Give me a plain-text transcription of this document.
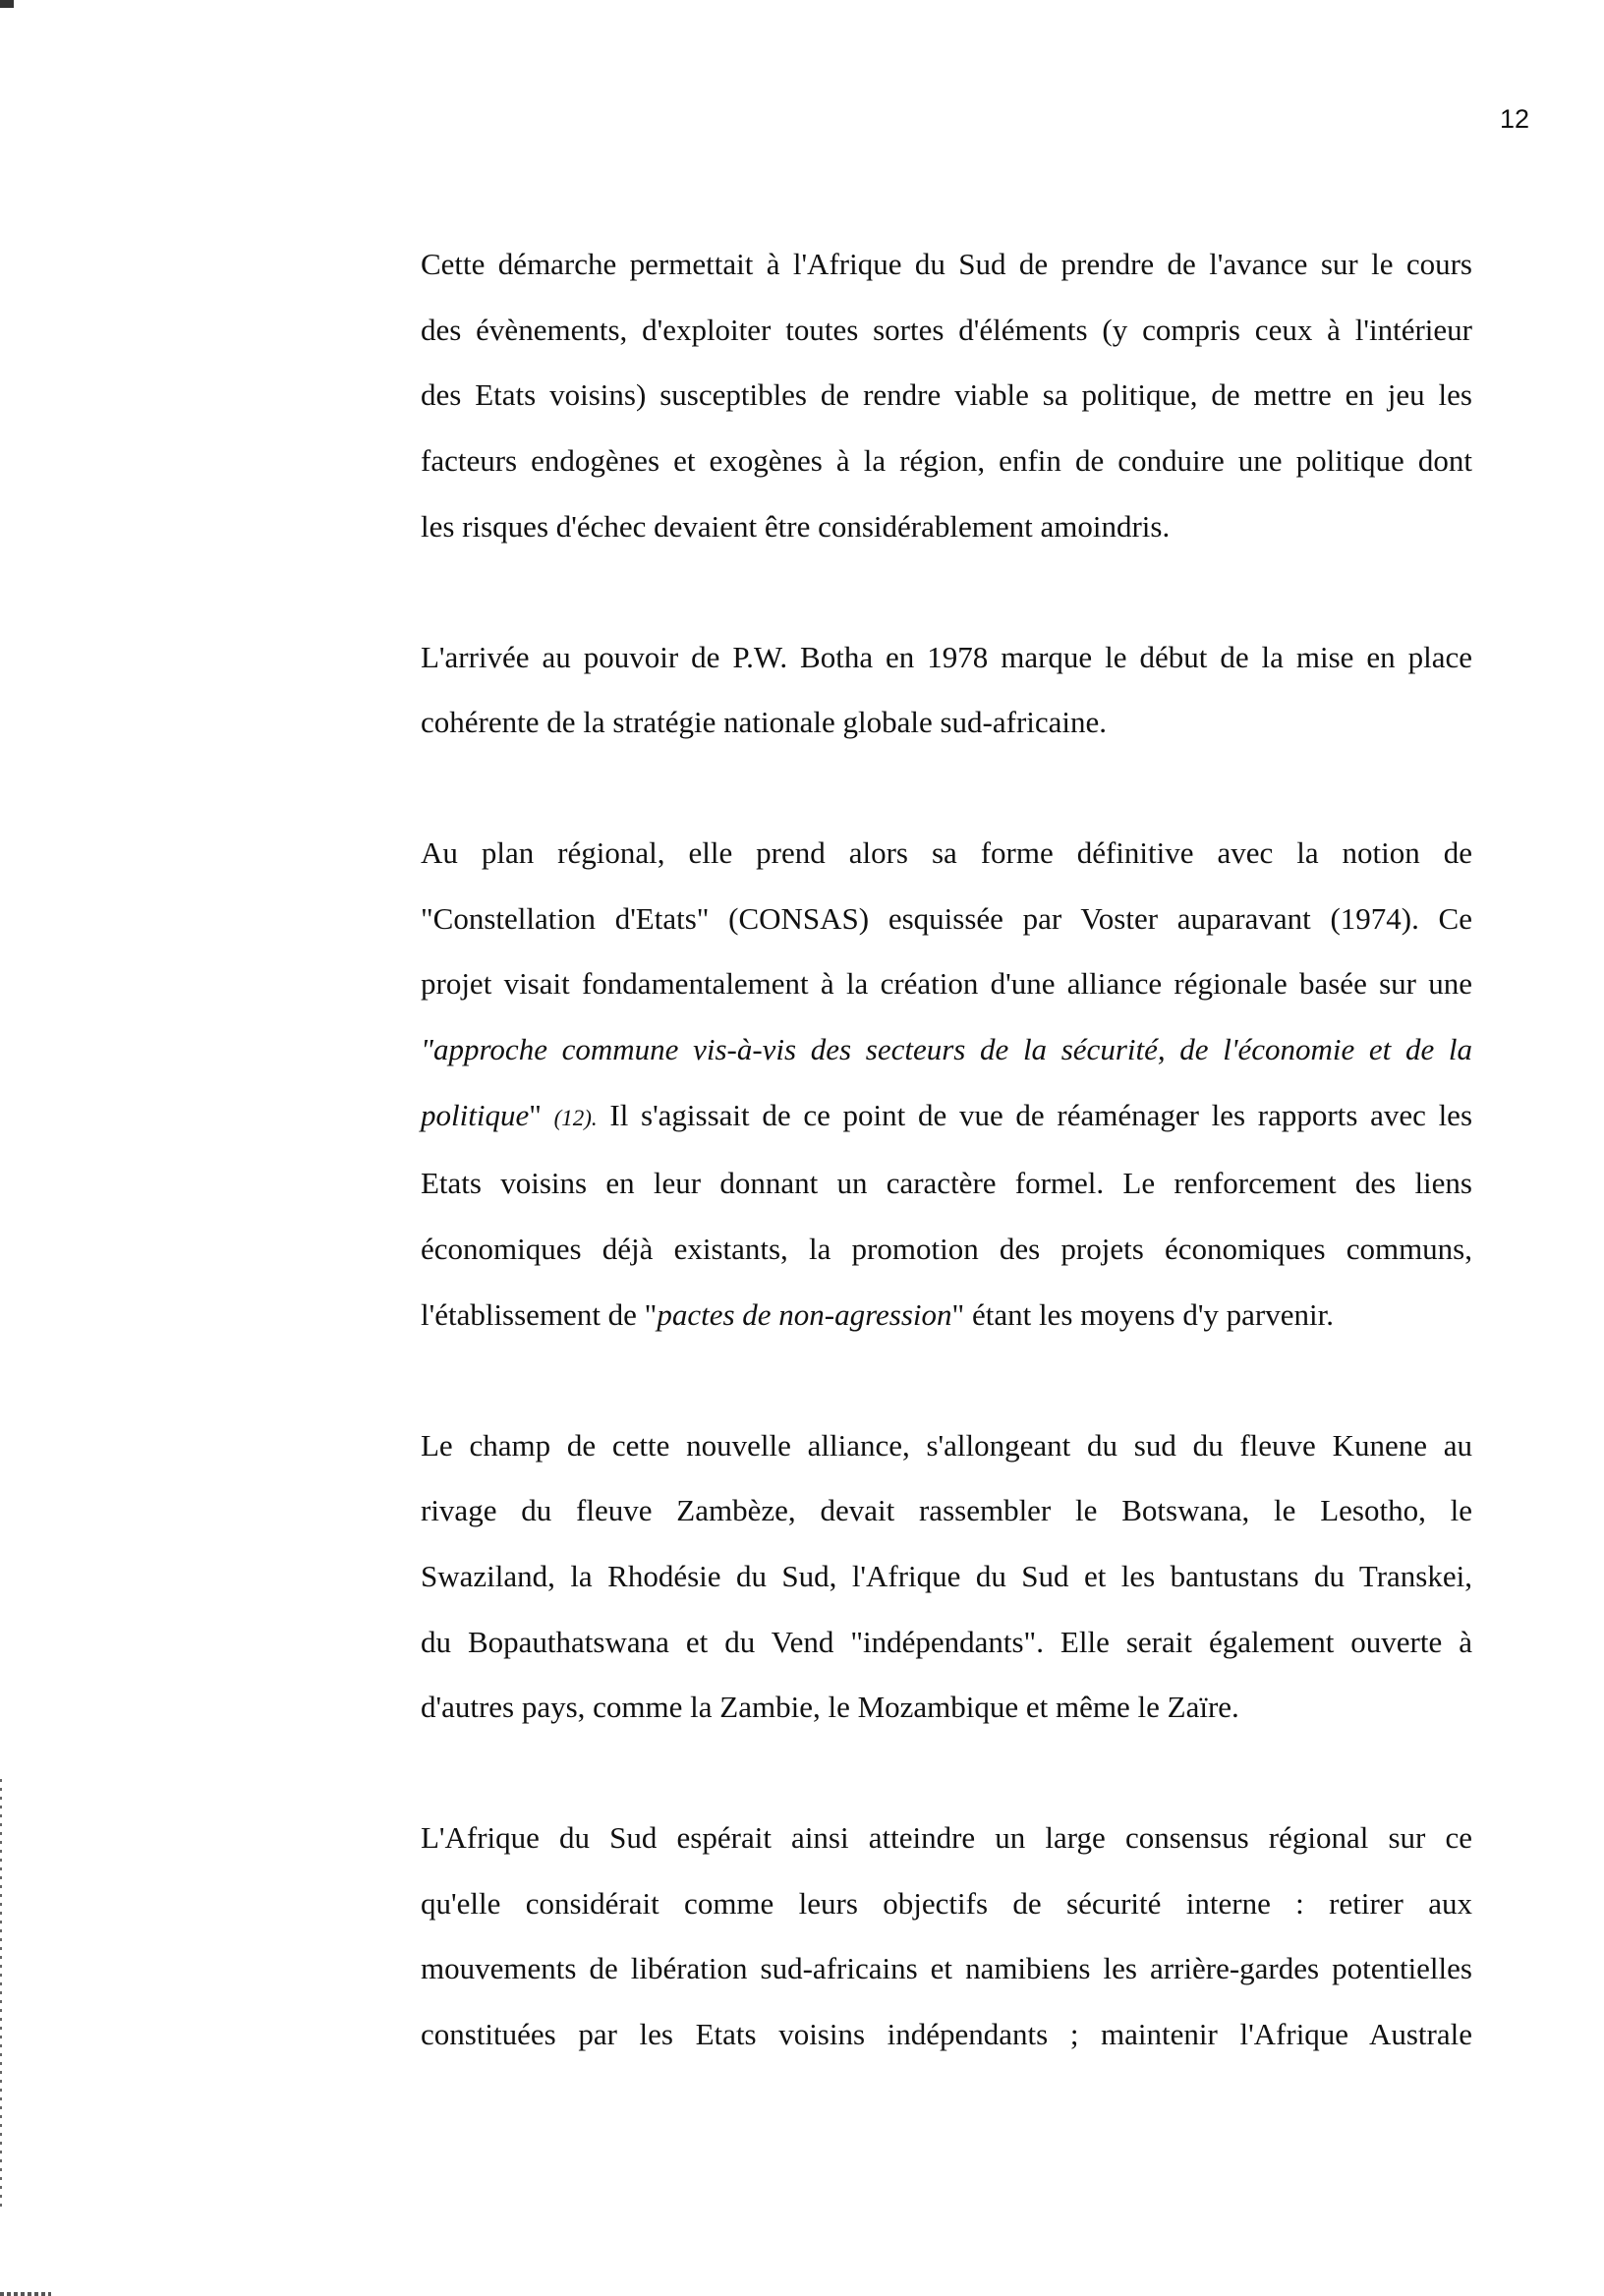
12

Cette démarche permettait à l'Afrique du Sud de prendre de l'avance sur le cours
des évènements, d'exploiter toutes sortes d'éléments (y compris ceux à l'intérieur
des Etats voisins) susceptibles de rendre viable sa politique, de mettre en jeu les
facteurs endogènes et exogènes à la région, enfin de conduire une politique dont
les risques d'échec devaient être considérablement amoindris.

L'arrivée au pouvoir de P.W. Botha en 1978 marque le début de la mise en place
cohérente de la stratégie nationale globale sud-africaine.

Au plan régional, elle prend alors sa forme définitive avec la notion de
"Constellation d'Etats" (CONSAS) esquissée par Voster auparavant (1974). Ce
projet visait fondamentalement à la création d'une alliance régionale basée sur une
"approche commune vis-à-vis des secteurs de la sécurité, de l'économie et de la
politique" (12). Il s'agissait de ce point de vue de réaménager les rapports avec les
Etats voisins en leur donnant un caractère formel. Le renforcement des liens
économiques déjà existants, la promotion des projets économiques communs,
l'établissement de "pactes de non-agression" étant les moyens d'y parvenir.

Le champ de cette nouvelle alliance, s'allongeant du sud du fleuve Kunene au
rivage du fleuve Zambèze, devait rassembler le Botswana, le Lesotho, le
Swaziland, la Rhodésie du Sud, l'Afrique du Sud et les bantustans du Transkei,
du Bopauthatswana et du Vend "indépendants". Elle serait également ouverte à
d'autres pays, comme la Zambie, le Mozambique et même le Zaïre.

L'Afrique du Sud espérait ainsi atteindre un large consensus régional sur ce
qu'elle considérait comme leurs objectifs de sécurité interne : retirer aux
mouvements de libération sud-africains et namibiens les arrière-gardes potentielles
constituées par les Etats voisins indépendants ; maintenir l'Afrique Australe
